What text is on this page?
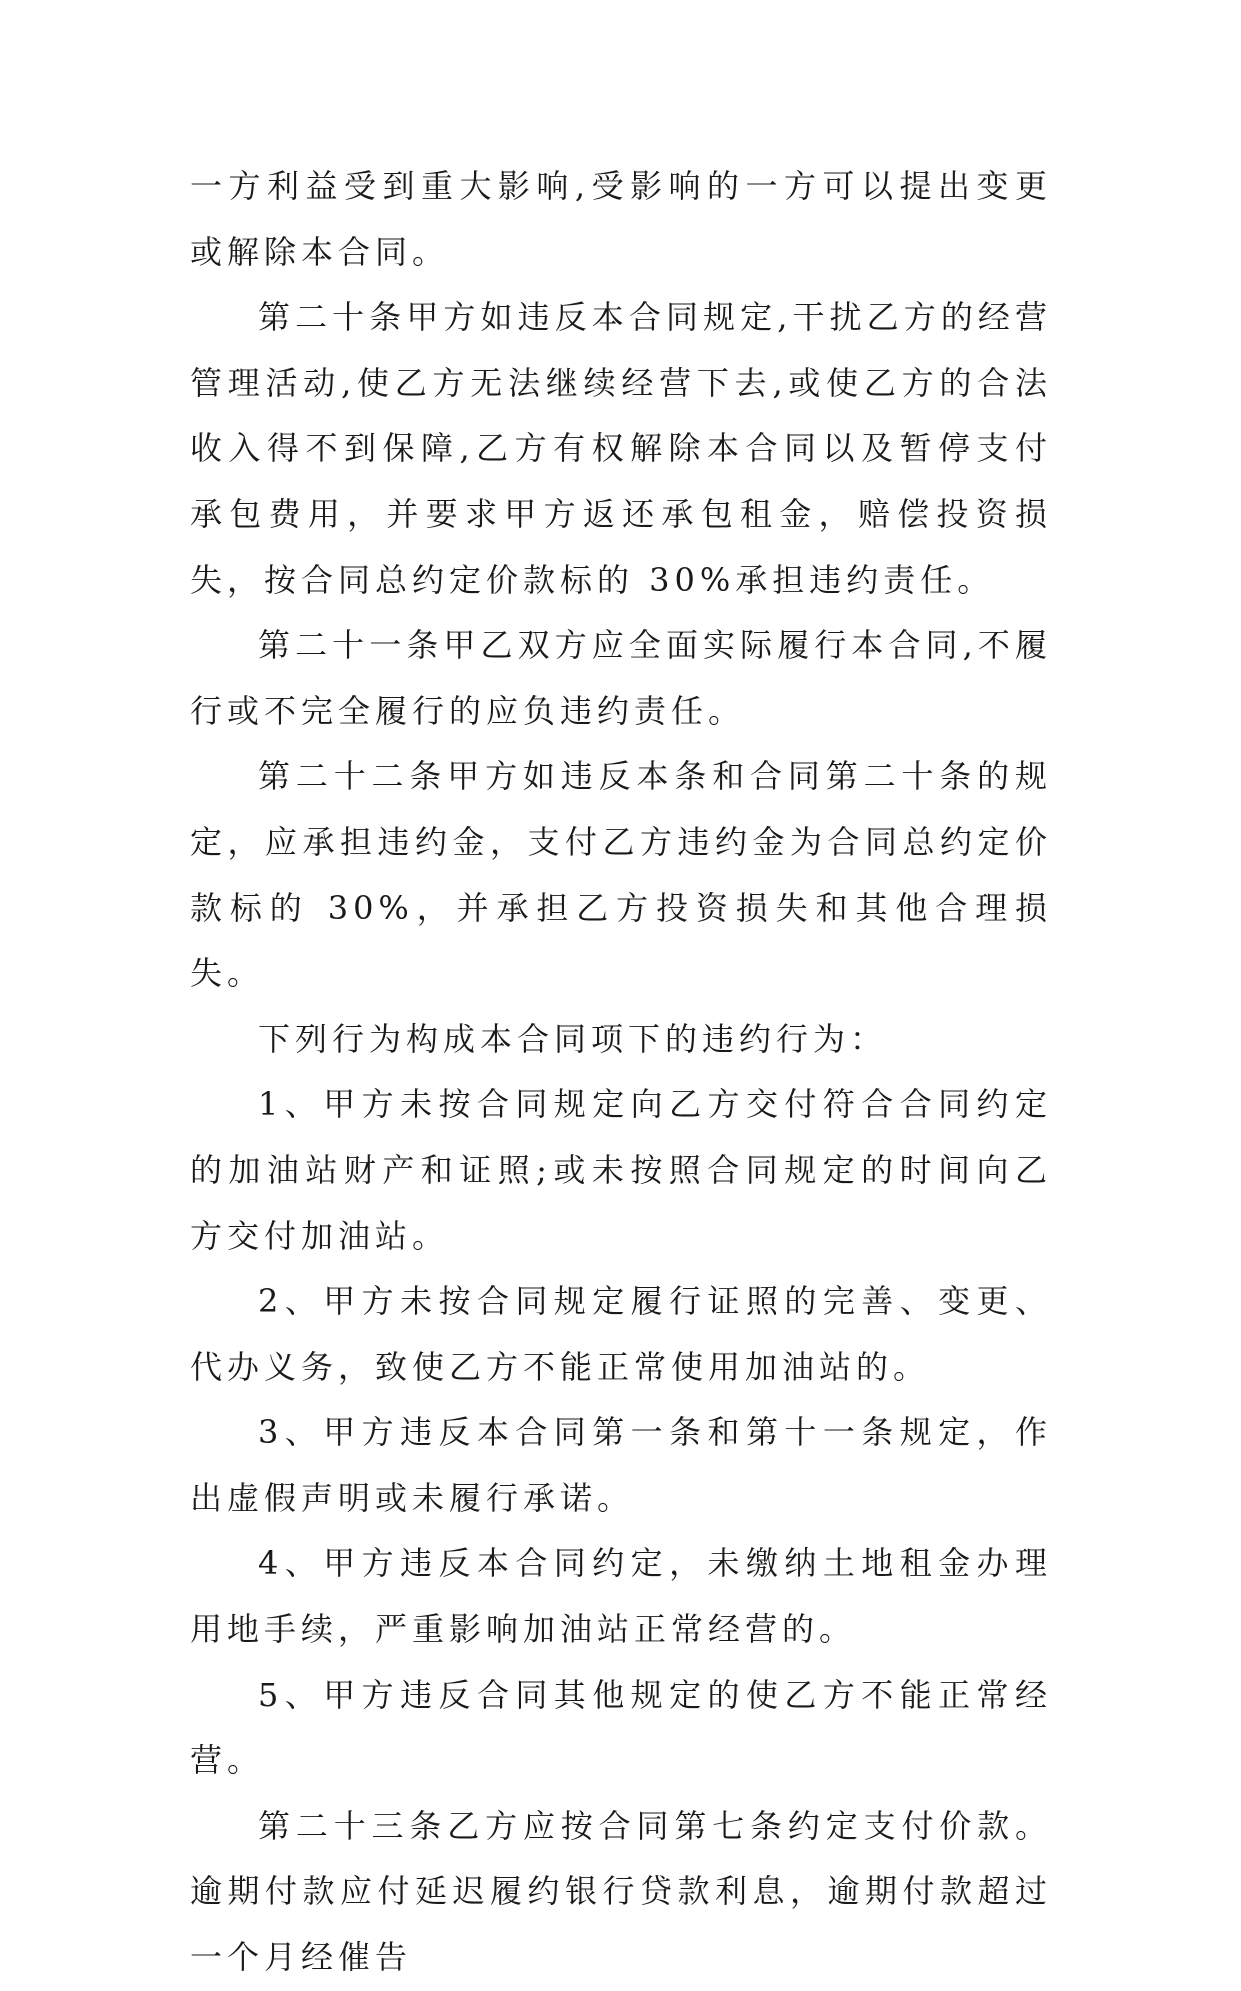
一方利益受到重大影响,受影响的一方可以提出变更或解除本合同。

第二十条甲方如违反本合同规定,干扰乙方的经营管理活动,使乙方无法继续经营下去,或使乙方的合法收入得不到保障,乙方有权解除本合同以及暂停支付承包费用，并要求甲方返还承包租金，赔偿投资损失，按合同总约定价款标的 30%承担违约责任。

第二十一条甲乙双方应全面实际履行本合同,不履行或不完全履行的应负违约责任。

第二十二条甲方如违反本条和合同第二十条的规定，应承担违约金，支付乙方违约金为合同总约定价款标的 30%，并承担乙方投资损失和其他合理损失。

下列行为构成本合同项下的违约行为：

1、甲方未按合同规定向乙方交付符合合同约定的加油站财产和证照;或未按照合同规定的时间向乙方交付加油站。

2、甲方未按合同规定履行证照的完善、变更、代办义务，致使乙方不能正常使用加油站的。

3、甲方违反本合同第一条和第十一条规定，作出虚假声明或未履行承诺。

4、甲方违反本合同约定，未缴纳土地租金办理用地手续，严重影响加油站正常经营的。

5、甲方违反合同其他规定的使乙方不能正常经营。

第二十三条乙方应按合同第七条约定支付价款。逾期付款应付延迟履约银行贷款利息，逾期付款超过一个月经催告
